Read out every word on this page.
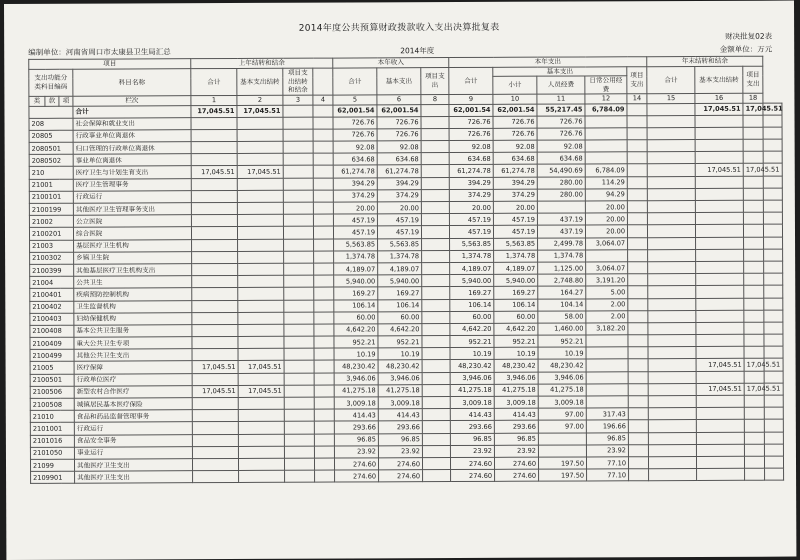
2014年度公共预算财政拨款收入支出决算批复表
财决批复02表
编制单位：河南省周口市太康县卫生局汇总	2014年度	金额单位：万元
项目				上年结转和结余				本年收入			本年支出					年末结转和结余			
支出功能分类科目编码			科目名称	合计	基本支出结转	项目支出结转和结余		合计	基本支出	项目支出	合计	基本支出			项目支出	合计	基本支出结转	项目支出	
												小计	人员经费	日常公用经费					
类	款	项	栏次	1	2	3	4	5	6	8	9	10	11	12	14	15	16	18	
			合计	17,045.51	17,045.51			62,001.54	62,001.54		62,001.54	62,001.54	55,217.45	6,784.09			17,045.51	17,045.51	
208			社会保障和就业支出					726.76	726.76		726.76	726.76	726.76						
20805			行政事业单位离退休					726.76	726.76		726.76	726.76	726.76						
2080501			归口管理的行政单位离退休					92.08	92.08		92.08	92.08	92.08						
2080502			事业单位离退休					634.68	634.68		634.68	634.68	634.68						
210			医疗卫生与计划生育支出	17,045.51	17,045.51			61,274.78	61,274.78		61,274.78	61,274.78	54,490.69	6,784.09			17,045.51	17,045.51	
21001			医疗卫生管理事务					394.29	394.29		394.29	394.29	280.00	114.29					
2100101			行政运行					374.29	374.29		374.29	374.29	280.00	94.29					
2100199			其他医疗卫生管理事务支出					20.00	20.00		20.00	20.00		20.00					
21002			公立医院					457.19	457.19		457.19	457.19	437.19	20.00					
2100201			综合医院					457.19	457.19		457.19	457.19	437.19	20.00					
21003			基层医疗卫生机构					5,563.85	5,563.85		5,563.85	5,563.85	2,499.78	3,064.07					
2100302			乡镇卫生院					1,374.78	1,374.78		1,374.78	1,374.78	1,374.78						
2100399			其他基层医疗卫生机构支出					4,189.07	4,189.07		4,189.07	4,189.07	1,125.00	3,064.07					
21004			公共卫生					5,940.00	5,940.00		5,940.00	5,940.00	2,748.80	3,191.20					
2100401			疾病预防控制机构					169.27	169.27		169.27	169.27	164.27	5.00					
2100402			卫生监督机构					106.14	106.14		106.14	106.14	104.14	2.00					
2100403			妇幼保健机构					60.00	60.00		60.00	60.00	58.00	2.00					
2100408			基本公共卫生服务					4,642.20	4,642.20		4,642.20	4,642.20	1,460.00	3,182.20					
2100409			重大公共卫生专项					952.21	952.21		952.21	952.21	952.21						
2100499			其他公共卫生支出					10.19	10.19		10.19	10.19	10.19						
21005			医疗保障	17,045.51	17,045.51			48,230.42	48,230.42		48,230.42	48,230.42	48,230.42				17,045.51	17,045.51	
2100501			行政单位医疗					3,946.06	3,946.06		3,946.06	3,946.06	3,946.06						
2100506			新型农村合作医疗	17,045.51	17,045.51			41,275.18	41,275.18		41,275.18	41,275.18	41,275.18				17,045.51	17,045.51	
2100508			城镇居民基本医疗保险					3,009.18	3,009.18		3,009.18	3,009.18	3,009.18						
21010			食品和药品监督管理事务					414.43	414.43		414.43	414.43	97.00	317.43					
2101001			行政运行					293.66	293.66		293.66	293.66	97.00	196.66					
2101016			食品安全事务					96.85	96.85		96.85	96.85		96.85					
2101050			事业运行					23.92	23.92		23.92	23.92		23.92					
21099			其他医疗卫生支出					274.60	274.60		274.60	274.60	197.50	77.10					
2109901			其他医疗卫生支出					274.60	274.60		274.60	274.60	197.50	77.10					
